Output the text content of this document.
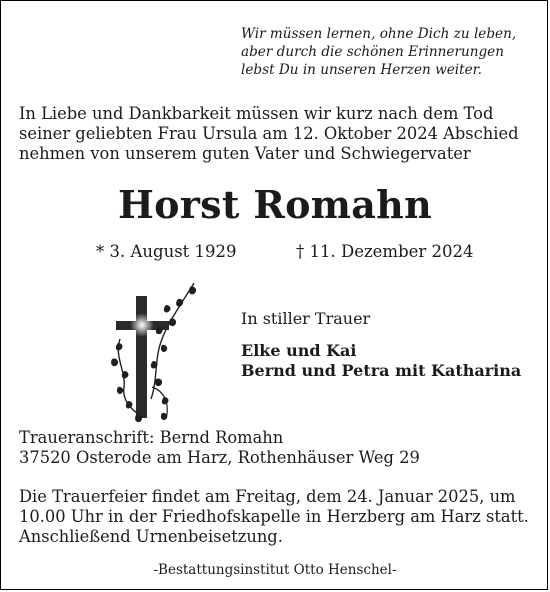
Wir müssen lernen, ohne Dich zu leben,
aber durch die schönen Erinnerungen
lebst Du in unseren Herzen weiter.
In Liebe und Dankbarkeit müssen wir kurz nach dem Tod
seiner geliebten Frau Ursula am 12. Oktober 2024 Abschied
nehmen von unserem guten Vater und Schwiegervater
Horst Romahn
* 3. August 1929	† 11. Dezember 2024
In stiller Trauer
Elke und Kai
Bernd und Petra mit Katharina
Traueranschrift: Bernd Romahn
37520 Osterode am Harz, Rothenhäuser Weg 29
Die Trauerfeier findet am Freitag, dem 24. Januar 2025, um
10.00 Uhr in der Friedhofskapelle in Herzberg am Harz statt.
Anschließend Urnenbeisetzung.
-Bestattungsinstitut Otto Henschel-
